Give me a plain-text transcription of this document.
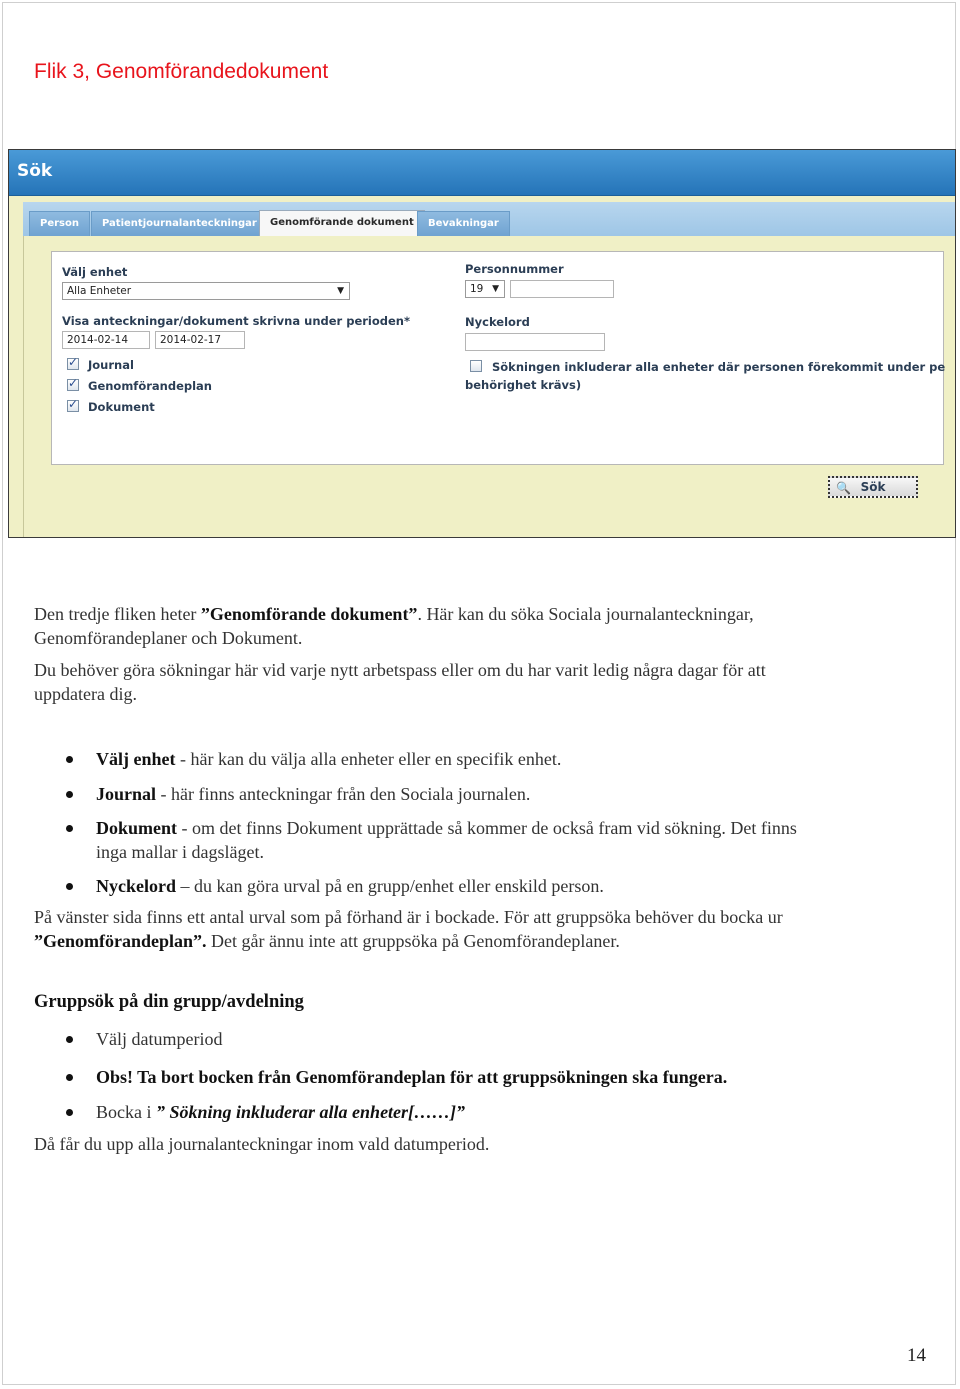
Flik 3, Genomförandedokument
Sök
Person	Patientjournalanteckningar	Genomförande dokument	Bevakningar
Välj enhet
Alla Enheter	▼
Visa anteckningar/dokument skrivna under perioden*
2014-02-14	2014-02-17
✓
Journal
✓
Genomförandeplan
✓
Dokument
Personnummer
19 ▼
Nyckelord
Sökningen inkluderar alla enheter där personen förekommit under pe
behörighet krävs)
🔍 Sök
Den tredje fliken heter ”Genomförande dokument”. Här kan du söka Sociala journalanteckningar,
Genomförandeplaner och Dokument.
Du behöver göra sökningar här vid varje nytt arbetspass eller om du har varit ledig några dagar för att
uppdatera dig.
Välj enhet - här kan du välja alla enheter eller en specifik enhet.
Journal - här finns anteckningar från den Sociala journalen.
Dokument - om det finns Dokument upprättade så kommer de också fram vid sökning. Det finns
inga mallar i dagsläget.
Nyckelord – du kan göra urval på en grupp/enhet eller enskild person.
På vänster sida finns ett antal urval som på förhand är i bockade. För att gruppsöka behöver du bocka ur
”Genomförandeplan”. Det går ännu inte att gruppsöka på Genomförandeplaner.
Gruppsök på din grupp/avdelning
Välj datumperiod
Obs! Ta bort bocken från Genomförandeplan för att gruppsökningen ska fungera.
Bocka i ” Sökning inkluderar alla enheter[……]”
Då får du upp alla journalanteckningar inom vald datumperiod.
14
